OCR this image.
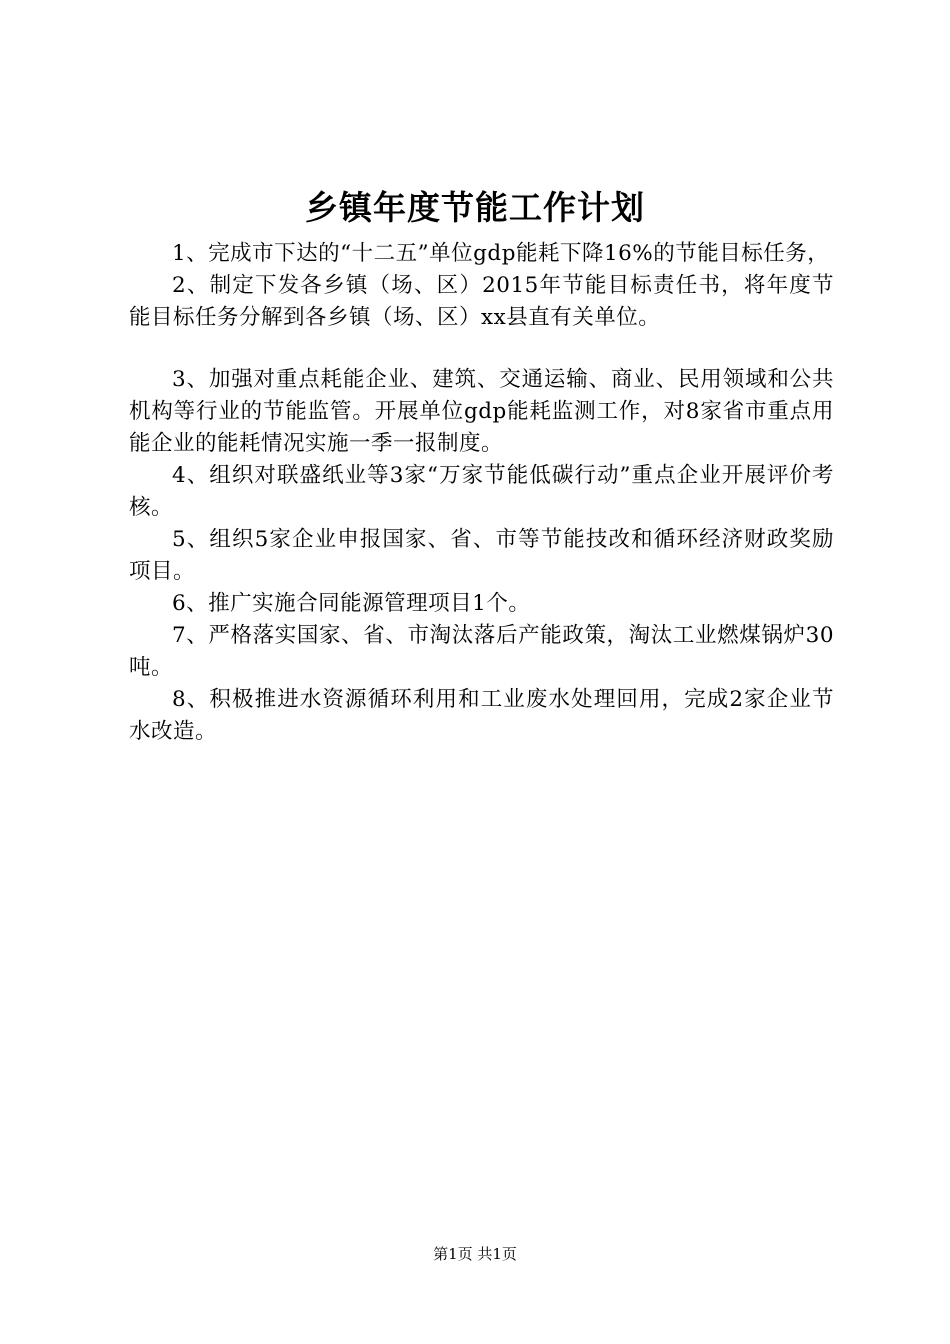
乡镇年度节能工作计划

1、完成市下达的“十二五”单位gdp能耗下降16%的节能目标任务，

2、制定下发各乡镇（场、区）2015年节能目标责任书，将年度节能目标任务分解到各乡镇（场、区）xx县直有关单位。

3、加强对重点耗能企业、建筑、交通运输、商业、民用领域和公共机构等行业的节能监管。开展单位gdp能耗监测工作，对8家省市重点用能企业的能耗情况实施一季一报制度。

4、组织对联盛纸业等3家“万家节能低碳行动”重点企业开展评价考核。

5、组织5家企业申报国家、省、市等节能技改和循环经济财政奖励项目。

6、推广实施合同能源管理项目1个。

7、严格落实国家、省、市淘汰落后产能政策，淘汰工业燃煤锅炉30吨。

8、积极推进水资源循环利用和工业废水处理回用，完成2家企业节水改造。

第1页 共1页
